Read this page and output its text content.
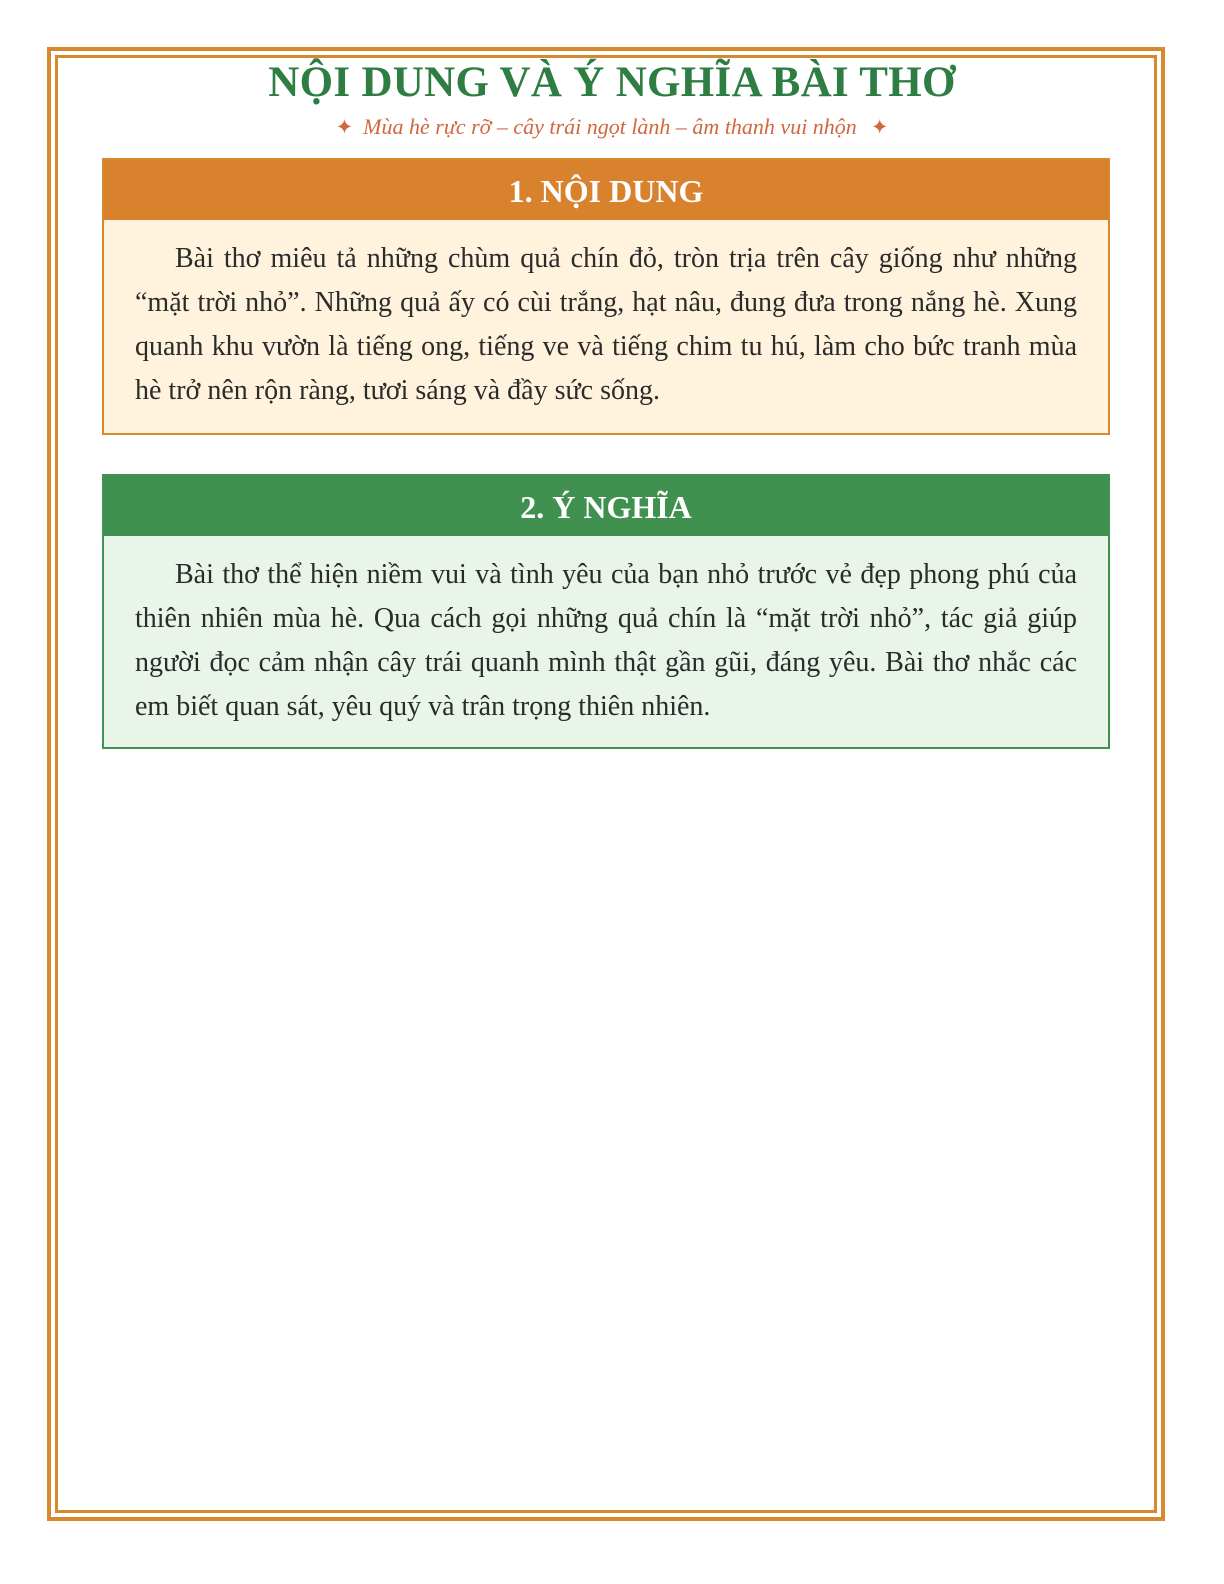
NỘI DUNG VÀ Ý NGHĨA BÀI THƠ
✦ Mùa hè rực rỡ – cây trái ngọt lành – âm thanh vui nhộn ✦
1. NỘI DUNG
Bài thơ miêu tả những chùm quả chín đỏ, tròn trịa trên cây giống như những “mặt trời nhỏ”. Những quả ấy có cùi trắng, hạt nâu, đung đưa trong nắng hè. Xung quanh khu vườn là tiếng ong, tiếng ve và tiếng chim tu hú, làm cho bức tranh mùa hè trở nên rộn ràng, tươi sáng và đầy sức sống.
2. Ý NGHĨA
Bài thơ thể hiện niềm vui và tình yêu của bạn nhỏ trước vẻ đẹp phong phú của thiên nhiên mùa hè. Qua cách gọi những quả chín là “mặt trời nhỏ”, tác giả giúp người đọc cảm nhận cây trái quanh mình thật gần gũi, đáng yêu. Bài thơ nhắc các em biết quan sát, yêu quý và trân trọng thiên nhiên.
